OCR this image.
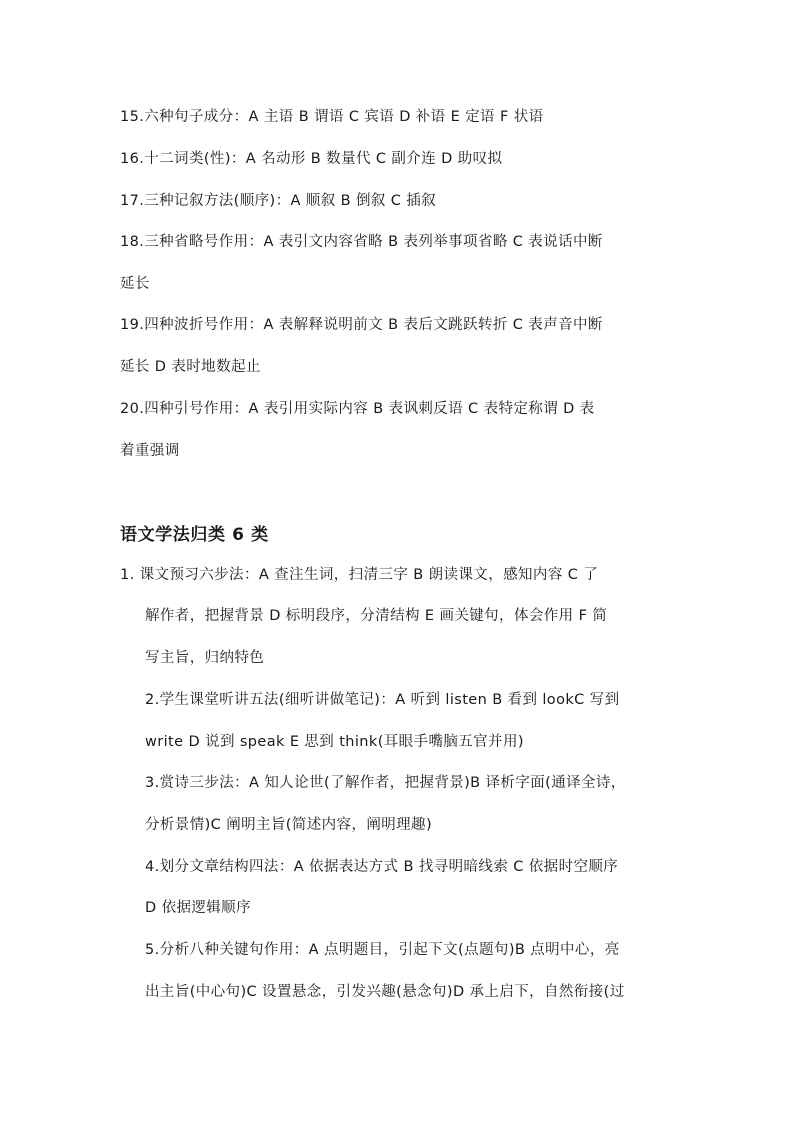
15.六种句子成分：A 主语 B 谓语 C 宾语 D 补语 E 定语 F 状语
16.十二词类(性)：A 名动形 B 数量代 C 副介连 D 助叹拟
17.三种记叙方法(顺序)：A 顺叙 B 倒叙 C 插叙
18.三种省略号作用：A 表引文内容省略 B 表列举事项省略 C 表说话中断
延长
19.四种波折号作用：A 表解释说明前文 B 表后文跳跃转折 C 表声音中断
延长 D 表时地数起止
20.四种引号作用：A 表引用实际内容 B 表讽刺反语 C 表特定称谓 D 表
着重强调
语文学法归类 6 类
1. 课文预习六步法：A 查注生词，扫清三字 B 朗读课文，感知内容 C 了
解作者，把握背景 D 标明段序，分清结构 E 画关键句，体会作用 F 简
写主旨，归纳特色
2.学生课堂听讲五法(细听讲做笔记)：A 听到 listen B 看到 lookC 写到
write D 说到 speak E 思到 think(耳眼手嘴脑五官并用)
3.赏诗三步法：A 知人论世(了解作者，把握背景)B 译析字面(通译全诗，
分析景情)C 阐明主旨(简述内容，阐明理趣)
4.划分文章结构四法：A 依据表达方式 B 找寻明暗线索 C 依据时空顺序
D 依据逻辑顺序
5.分析八种关键句作用：A 点明题目，引起下文(点题句)B 点明中心，亮
出主旨(中心句)C 设置悬念，引发兴趣(悬念句)D 承上启下，自然衔接(过
